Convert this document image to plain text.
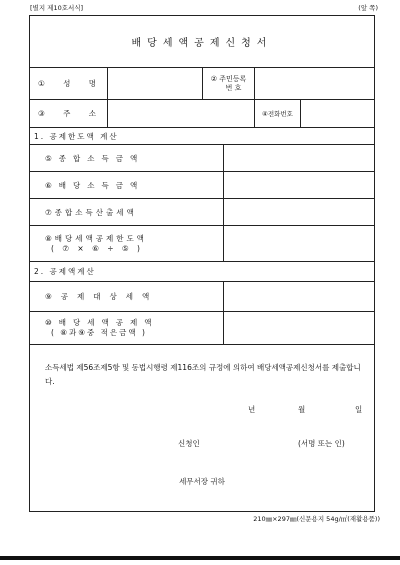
[별지 제10호서식]	(앞 쪽)
배당세액공제신청서
① 성 명
② 주민등록
번 호
③ 주 소	④전화번호
1. 공제한도액 계산
⑤종합소득금액
⑥배당소득금액
⑦종합소득산출세액
⑧배당세액공제한도액
( ⑦ × ⑥ ÷ ⑤ )
2. 공제액계산
⑨공제대상세액
⑩배당세액공제액
( ⑧과⑨중 적은금액 )
소득세법 제56조제5항 및 동법시행령 제116조의 규정에 의하여 배당세액공제신청서를 제출합니다.
년	월	일
신청인	(서명 또는 인)
세무서장 귀하
210㎜×297㎜(신문용지 54g/㎡(재활용품))
